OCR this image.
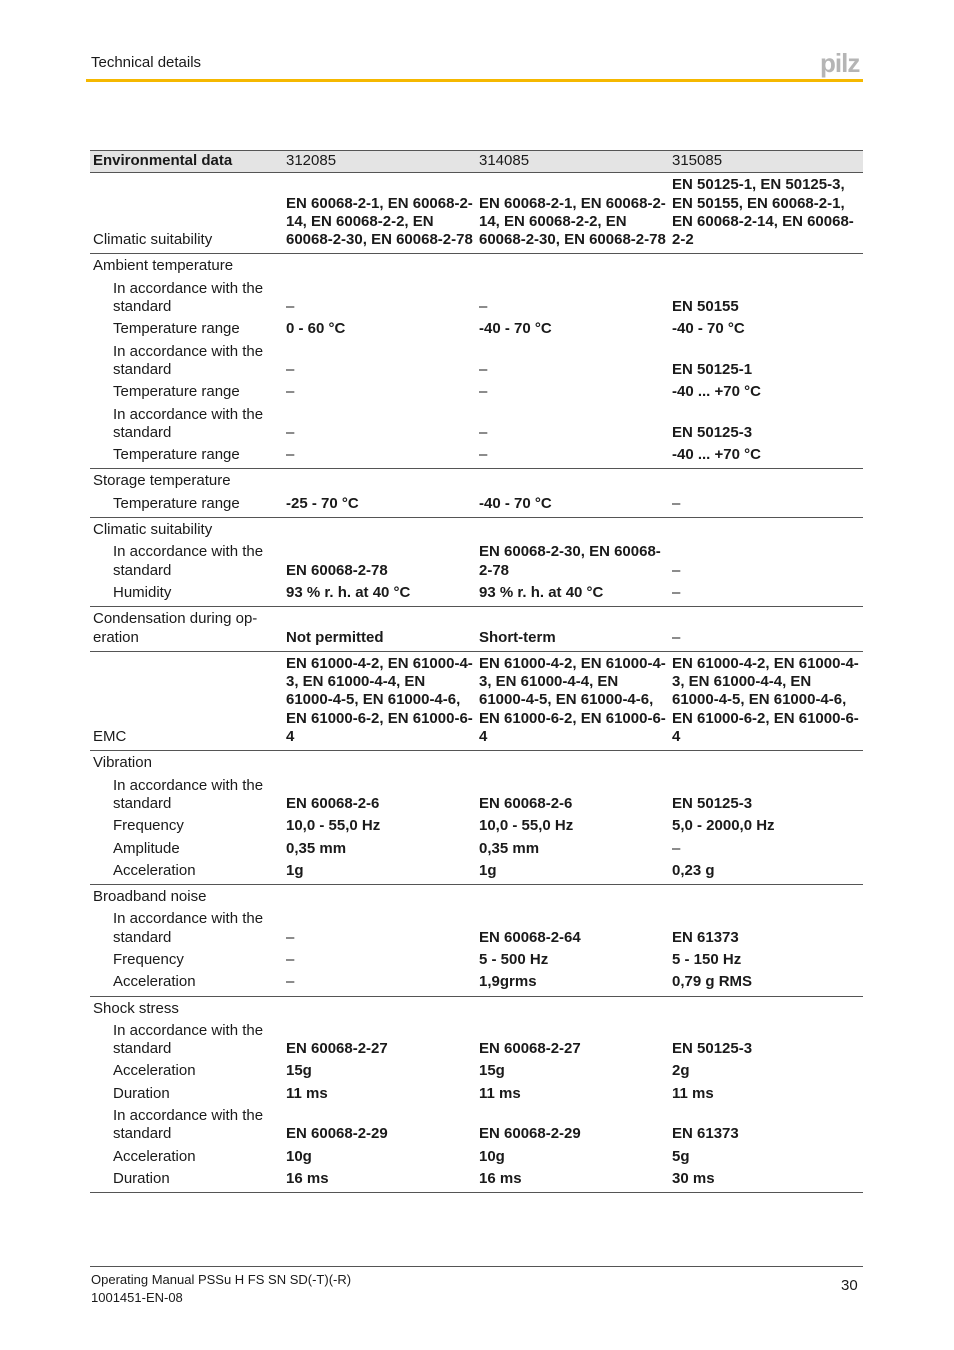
Technical details	pilz
Environmental data	312085	314085	315085
Climatic suitability	EN 60068-2-1, EN 60068-2-14, EN 60068-2-2, EN 60068-2-30, EN 60068-2-78	EN 60068-2-1, EN 60068-2-14, EN 60068-2-2, EN 60068-2-30, EN 60068-2-78	EN 50125-1, EN 50125-3, EN 50155, EN 60068-2-1, EN 60068-2-14, EN 60068-2-2
Ambient temperature			
In accordance with the standard	–	–	EN 50155
Temperature range	0 - 60 °C	-40 - 70 °C	-40 - 70 °C
In accordance with the standard	–	–	EN 50125-1
Temperature range	–	–	-40 ... +70 °C
In accordance with the standard	–	–	EN 50125-3
Temperature range	–	–	-40 ... +70 °C
Storage temperature			
Temperature range	-25 - 70 °C	-40 - 70 °C	–
Climatic suitability			
In accordance with the standard	EN 60068-2-78	EN 60068-2-30, EN 60068-2-78	–
Humidity	93 % r. h. at 40 °C	93 % r. h. at 40 °C	–
Condensation during op- eration	Not permitted	Short-term	–
EMC	EN 61000-4-2, EN 61000-4-3, EN 61000-4-4, EN 61000-4-5, EN 61000-4-6, EN 61000-6-2, EN 61000-6-4	EN 61000-4-2, EN 61000-4-3, EN 61000-4-4, EN 61000-4-5, EN 61000-4-6, EN 61000-6-2, EN 61000-6-4	EN 61000-4-2, EN 61000-4-3, EN 61000-4-4, EN 61000-4-5, EN 61000-4-6, EN 61000-6-2, EN 61000-6-4
Vibration			
In accordance with the standard	EN 60068-2-6	EN 60068-2-6	EN 50125-3
Frequency	10,0 - 55,0 Hz	10,0 - 55,0 Hz	5,0 - 2000,0 Hz
Amplitude	0,35 mm	0,35 mm	–
Acceleration	1g	1g	0,23 g
Broadband noise			
In accordance with the standard	–	EN 60068-2-64	EN 61373
Frequency	–	5 - 500 Hz	5 - 150 Hz
Acceleration	–	1,9grms	0,79 g RMS
Shock stress			
In accordance with the standard	EN 60068-2-27	EN 60068-2-27	EN 50125-3
Acceleration	15g	15g	2g
Duration	11 ms	11 ms	11 ms
In accordance with the standard	EN 60068-2-29	EN 60068-2-29	EN 61373
Acceleration	10g	10g	5g
Duration	16 ms	16 ms	30 ms
Operating Manual PSSu H FS SN SD(-T)(-R)
1001451-EN-08
30
